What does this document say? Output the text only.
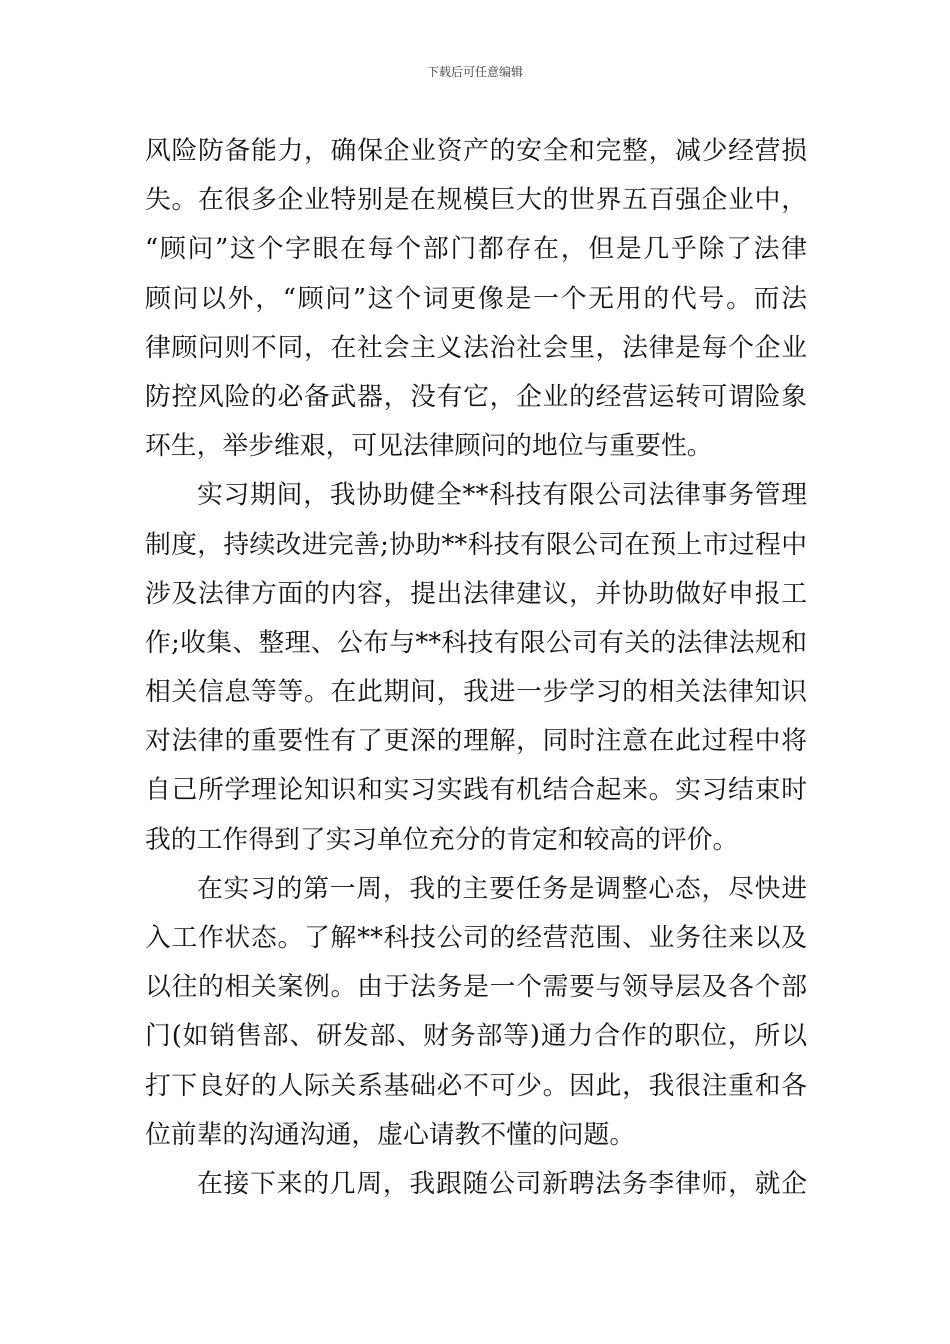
下载后可任意编辑
风险防备能力，确保企业资产的安全和完整，减少经营损
失。在很多企业特别是在规模巨大的世界五百强企业中，
“顾问”这个字眼在每个部门都存在，但是几乎除了法律
顾问以外，“顾问”这个词更像是一个无用的代号。而法
律顾问则不同，在社会主义法治社会里，法律是每个企业
防控风险的必备武器，没有它，企业的经营运转可谓险象
环生，举步维艰，可见法律顾问的地位与重要性。
实习期间，我协助健全**科技有限公司法律事务管理
制度，持续改进完善;协助**科技有限公司在预上市过程中
涉及法律方面的内容，提出法律建议，并协助做好申报工
作;收集、整理、公布与**科技有限公司有关的法律法规和
相关信息等等。在此期间，我进一步学习的相关法律知识
对法律的重要性有了更深的理解，同时注意在此过程中将
自己所学理论知识和实习实践有机结合起来。实习结束时
我的工作得到了实习单位充分的肯定和较高的评价。
在实习的第一周，我的主要任务是调整心态，尽快进
入工作状态。了解**科技公司的经营范围、业务往来以及
以往的相关案例。由于法务是一个需要与领导层及各个部
门(如销售部、研发部、财务部等)通力合作的职位，所以
打下良好的人际关系基础必不可少。因此，我很注重和各
位前辈的沟通沟通，虚心请教不懂的问题。
在接下来的几周，我跟随公司新聘法务李律师，就企
